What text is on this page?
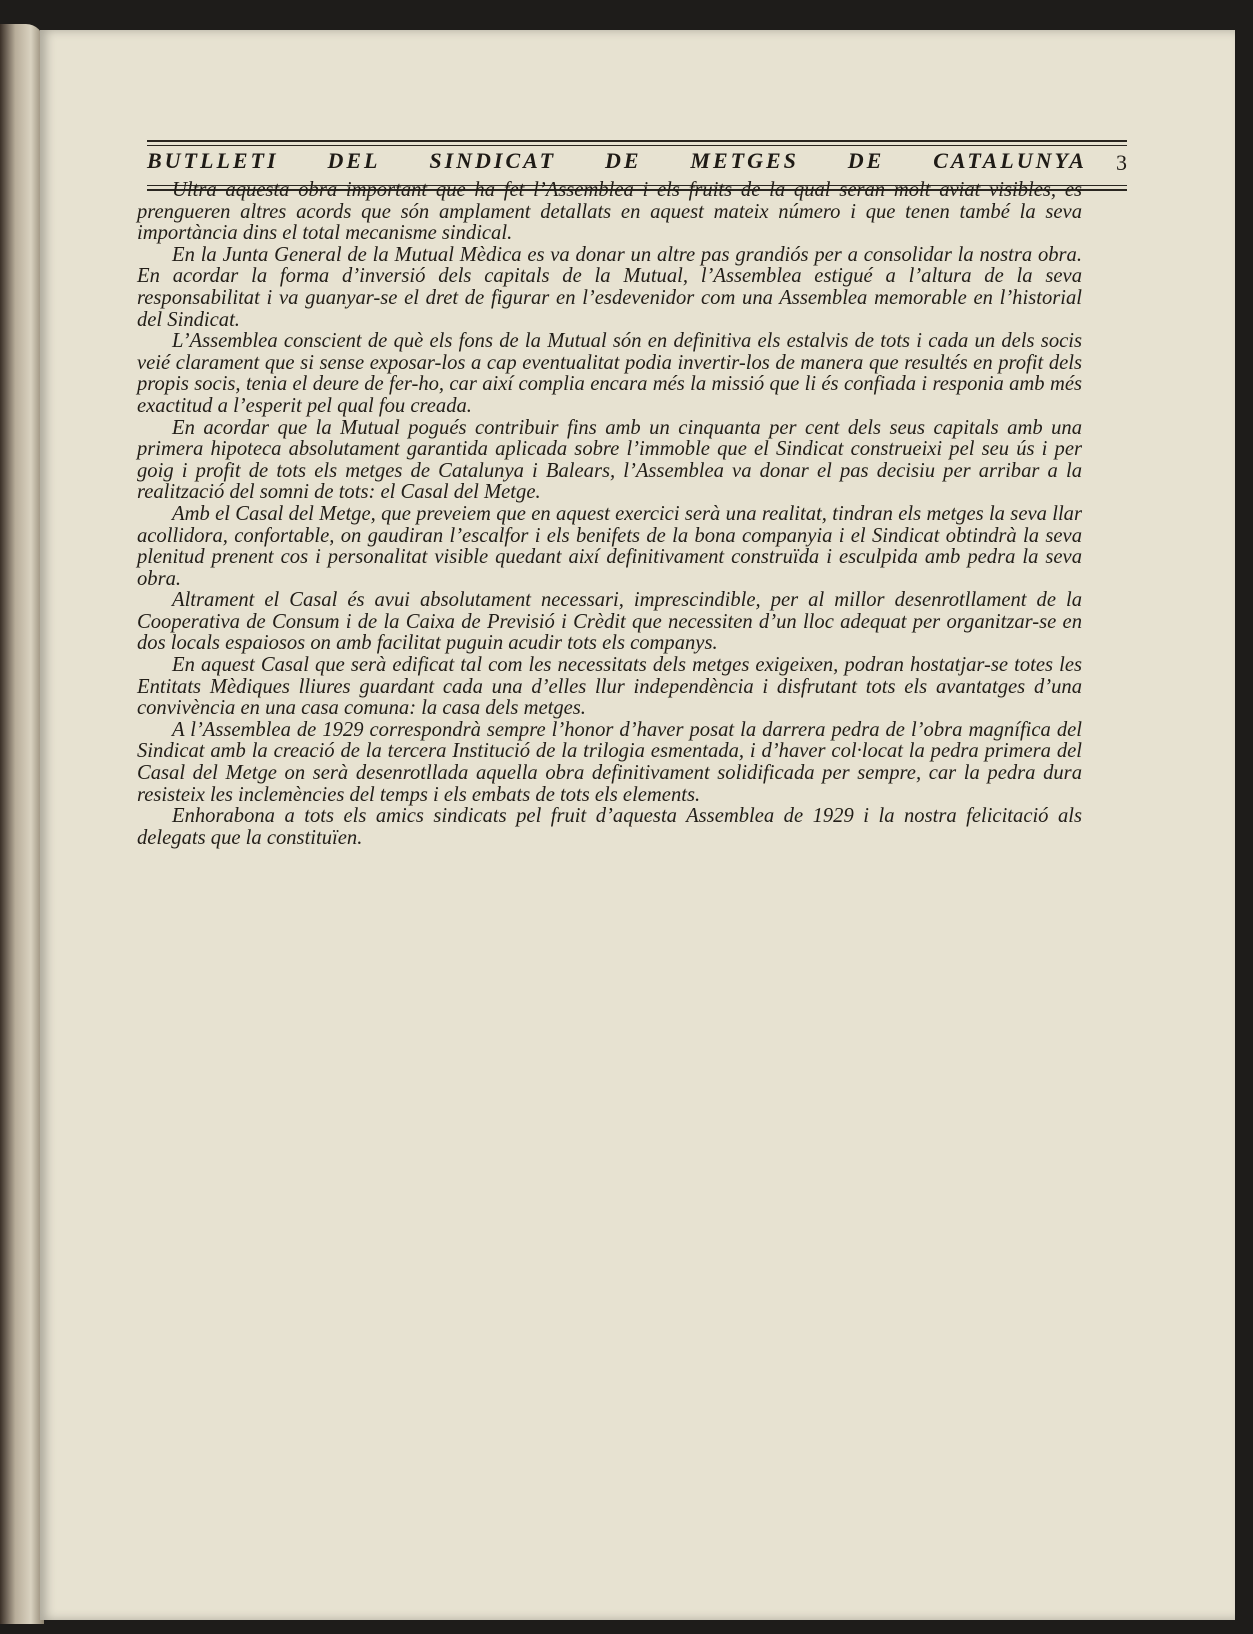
BUTLLETI DEL SINDICAT DE METGES DE CATALUNYA 3

Ultra aquesta obra important que ha fet l’Assemblea i els fruits de la qual seran molt aviat visibles, es prengueren altres acords que són amplament detallats en aquest mateix número i que tenen també la seva importància dins el total mecanisme sindical.

En la Junta General de la Mutual Mèdica es va donar un altre pas grandiós per a consolidar la nostra obra. En acordar la forma d’inversió dels capitals de la Mutual, l’Assemblea estigué a l’altura de la seva responsabilitat i va guanyar-se el dret de figurar en l’esdevenidor com una Assemblea memorable en l’historial del Sindicat.

L’Assemblea conscient de què els fons de la Mutual són en definitiva els estalvis de tots i cada un dels socis veié clarament que si sense exposar-los a cap eventualitat podia invertir-los de manera que resultés en profit dels propis socis, tenia el deure de fer-ho, car així complia encara més la missió que li és confiada i responia amb més exactitud a l’esperit pel qual fou creada.

En acordar que la Mutual pogués contribuir fins amb un cinquanta per cent dels seus capitals amb una primera hipoteca absolutament garantida aplicada sobre l’immoble que el Sindicat construeixi pel seu ús i per goig i profit de tots els metges de Catalunya i Balears, l’Assemblea va donar el pas decisiu per arribar a la realització del somni de tots: el Casal del Metge.

Amb el Casal del Metge, que preveiem que en aquest exercici serà una realitat, tindran els metges la seva llar acollidora, confortable, on gaudiran l’escalfor i els benifets de la bona companyia i el Sindicat obtindrà la seva plenitud prenent cos i personalitat visible quedant així definitivament construïda i esculpida amb pedra la seva obra.

Altrament el Casal és avui absolutament necessari, imprescindible, per al millor desenrotllament de la Cooperativa de Consum i de la Caixa de Previsió i Crèdit que necessiten d’un lloc adequat per organitzar-se en dos locals espaiosos on amb facilitat puguin acudir tots els companys.

En aquest Casal que serà edificat tal com les necessitats dels metges exigeixen, podran hostatjar-se totes les Entitats Mèdiques lliures guardant cada una d’elles llur independència i disfrutant tots els avantatges d’una convivència en una casa comuna: la casa dels metges.

A l’Assemblea de 1929 correspondrà sempre l’honor d’haver posat la darrera pedra de l’obra magnífica del Sindicat amb la creació de la tercera Institució de la trilogia esmentada, i d’haver col·locat la pedra primera del Casal del Metge on serà desenrotllada aquella obra definitivament solidificada per sempre, car la pedra dura resisteix les inclemències del temps i els embats de tots els elements.

Enhorabona a tots els amics sindicats pel fruit d’aquesta Assemblea de 1929 i la nostra felicitació als delegats que la constituïen.
